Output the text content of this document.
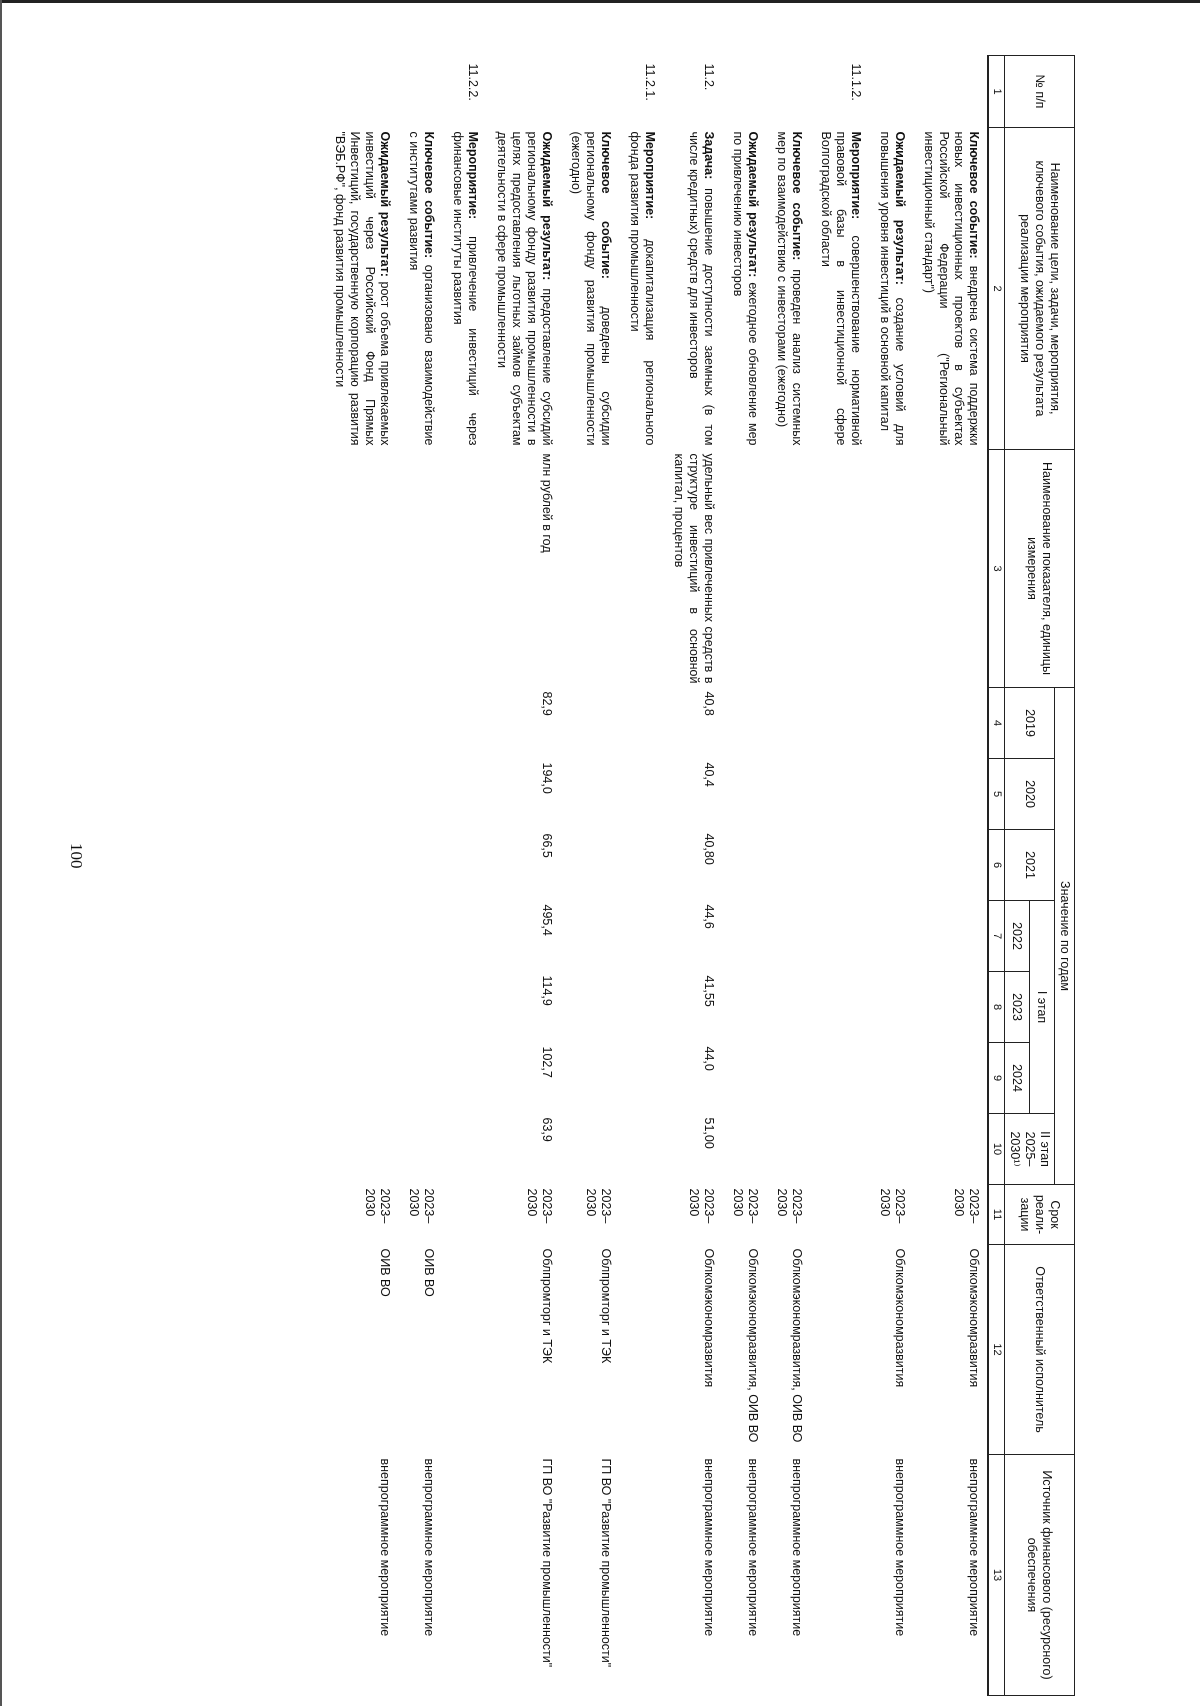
100
№ п/п	Наименование цели, задачи, мероприятия, ключевого события, ожидаемого результата реализации мероприятия	Наименование показателя, единицы измерения	Значение по годам							Срок реали-зации	Ответственный исполнитель	Источник финансового (ресурсного) обеспечения
			2019	2020	2021	I этап			II этап 2025–2030¹⁾			
						2022	2023	2024				
1	2	3	4	5	6	7	8	9	10	11	12	13
	Ключевое событие: внедрена система поддержки новых инвестиционных проектов в субъектах Российской Федерации ("Региональный инвестиционный стандарт")									2023–2030	Облкомэкономразвития	внепрограммное мероприятие
	Ожидаемый результат: создание условий для повышения уровня инвестиций в основной капитал									2023–2030	Облкомэкономразвития	внепрограммное мероприятие
11.1.2.	Мероприятие: совершенствование нормативной правовой базы в инвестиционной сфере Волгоградской области											
	Ключевое событие: проведен анализ системных мер по взаимодействию с инвесторами (ежегодно)									2023–2030	Облкомэкономразвития, ОИВ ВО	внепрограммное мероприятие
	Ожидаемый результат: ежегодное обновление мер по привлечению инвесторов									2023–2030	Облкомэкономразвития, ОИВ ВО	внепрограммное мероприятие
11.2.	Задача: повышение доступности заемных (в том числе кредитных) средств для инвесторов	удельный вес привлеченных средств в структуре инвестиций в основной капитал, процентов	40,8	40,4	40,80	44,6	41,55	44,0	51,00	2023–2030	Облкомэкономразвития	внепрограммное мероприятие
11.2.1.	Мероприятие: докапитализация регионального фонда развития промышленности											
	Ключевое событие: доведены субсидии региональному фонду развития промышленности (ежегодно)									2023–2030	Облпромторг и ТЭК	ГП ВО "Развитие промышленности"
	Ожидаемый результат: предоставление субсидий региональному фонду развития промышленности в целях предоставления льготных займов субъектам деятельности в сфере промышленности	млн рублей в год	82,9	194,0	66,5	495,4	114,9	102,7	63,9	2023–2030	Облпромторг и ТЭК	ГП ВО "Развитие промышленности"
11.2.2.	Мероприятие: привлечение инвестиций через финансовые институты развития											
	Ключевое событие: организовано взаимодействие с институтами развития									2023–2030	ОИВ ВО	внепрограммное мероприятие
	Ожидаемый результат: рост объема привлекаемых инвестиций через Российский Фонд Прямых Инвестиций, государственную корпорацию развития "ВЭБ.РФ", фонд развития промышленности									2023–2030	ОИВ ВО	внепрограммное мероприятие
